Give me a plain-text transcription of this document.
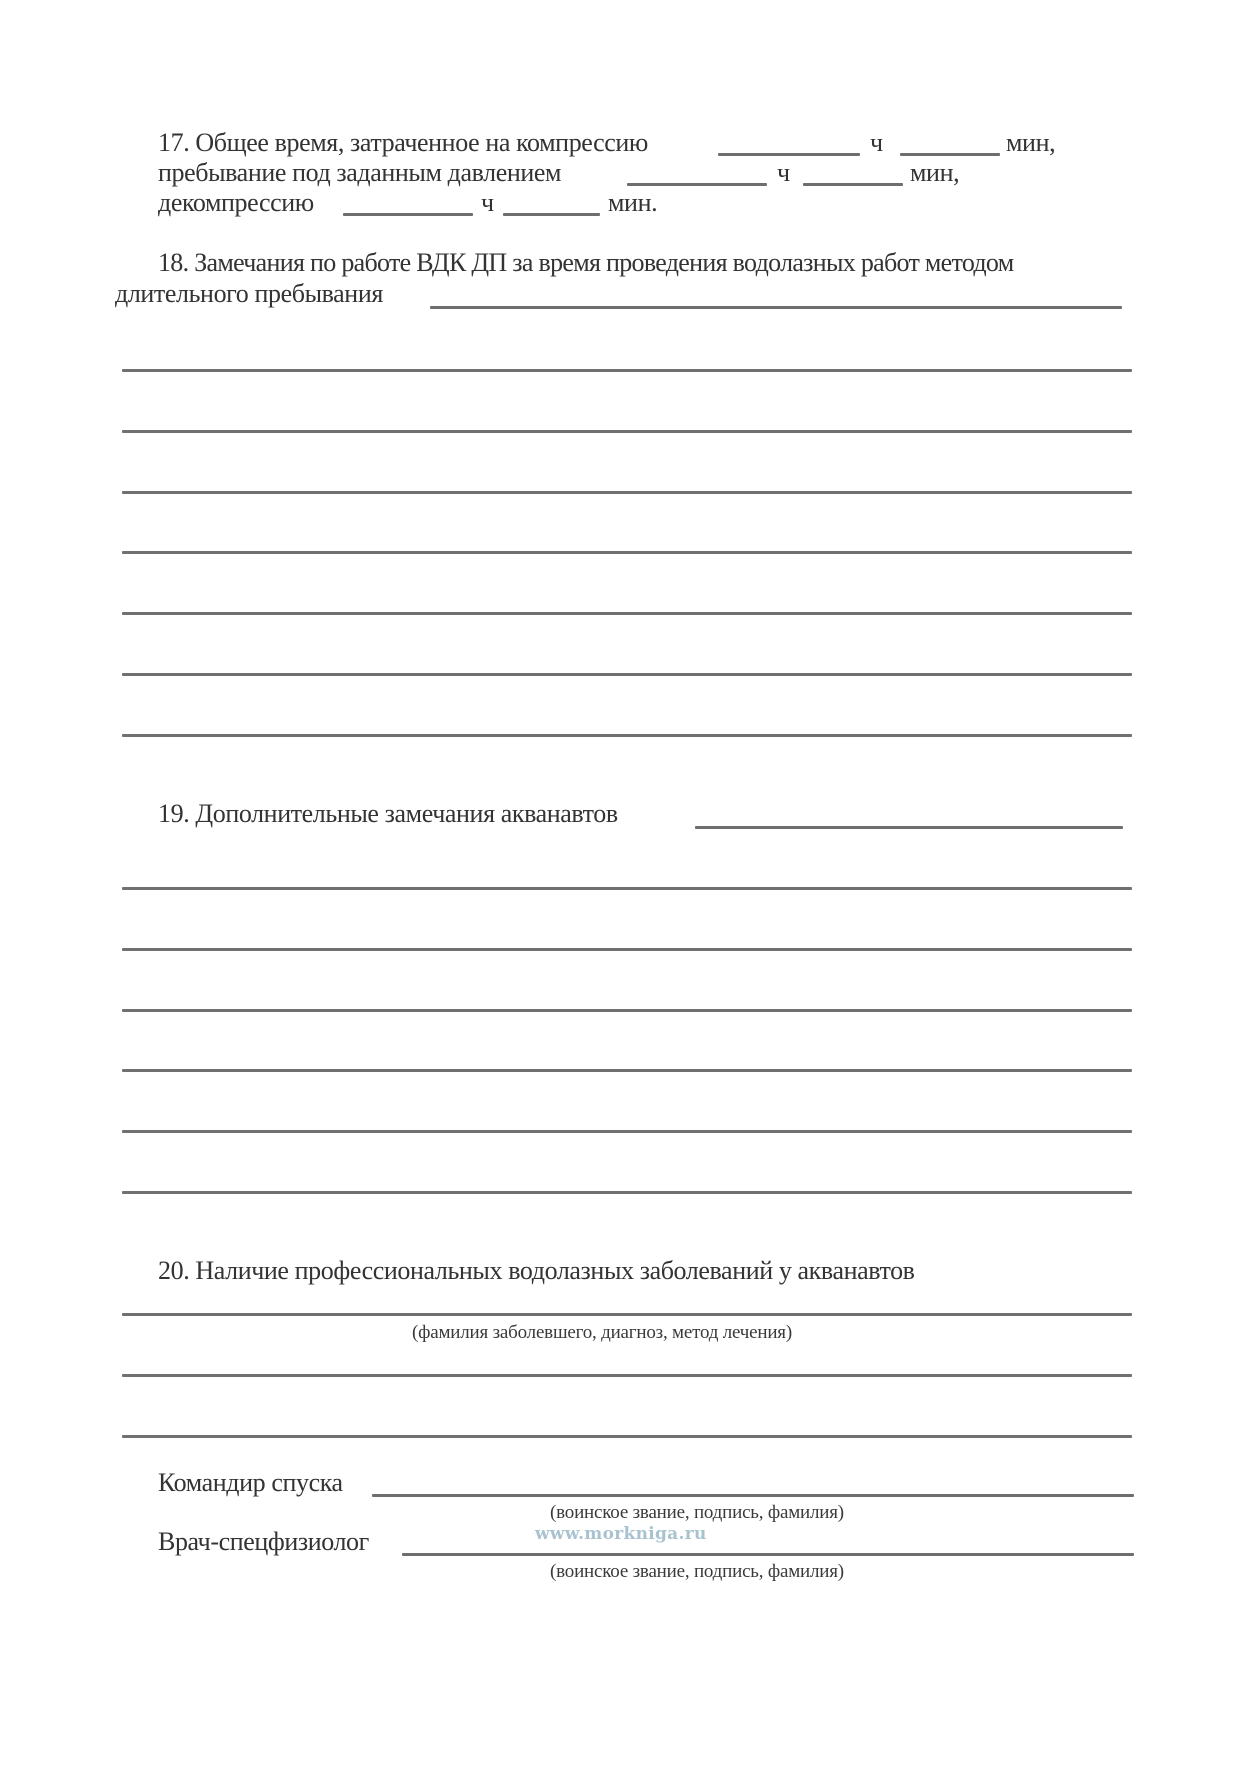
17. Общее время, затраченное на компрессию	ч	мин,
пребывание под заданным давлением	ч	мин,
декомпрессию	ч	мин.
18. Замечания по работе ВДК ДП за время проведения водолазных работ методом
длительного пребывания
19. Дополнительные замечания акванавтов
20. Наличие профессиональных водолазных заболеваний у акванавтов
(фамилия заболевшего, диагноз, метод лечения)
Командир спуска
(воинское звание, подпись, фамилия)
Врач-спецфизиолог
(воинское звание, подпись, фамилия)
www.morkniga.ru
